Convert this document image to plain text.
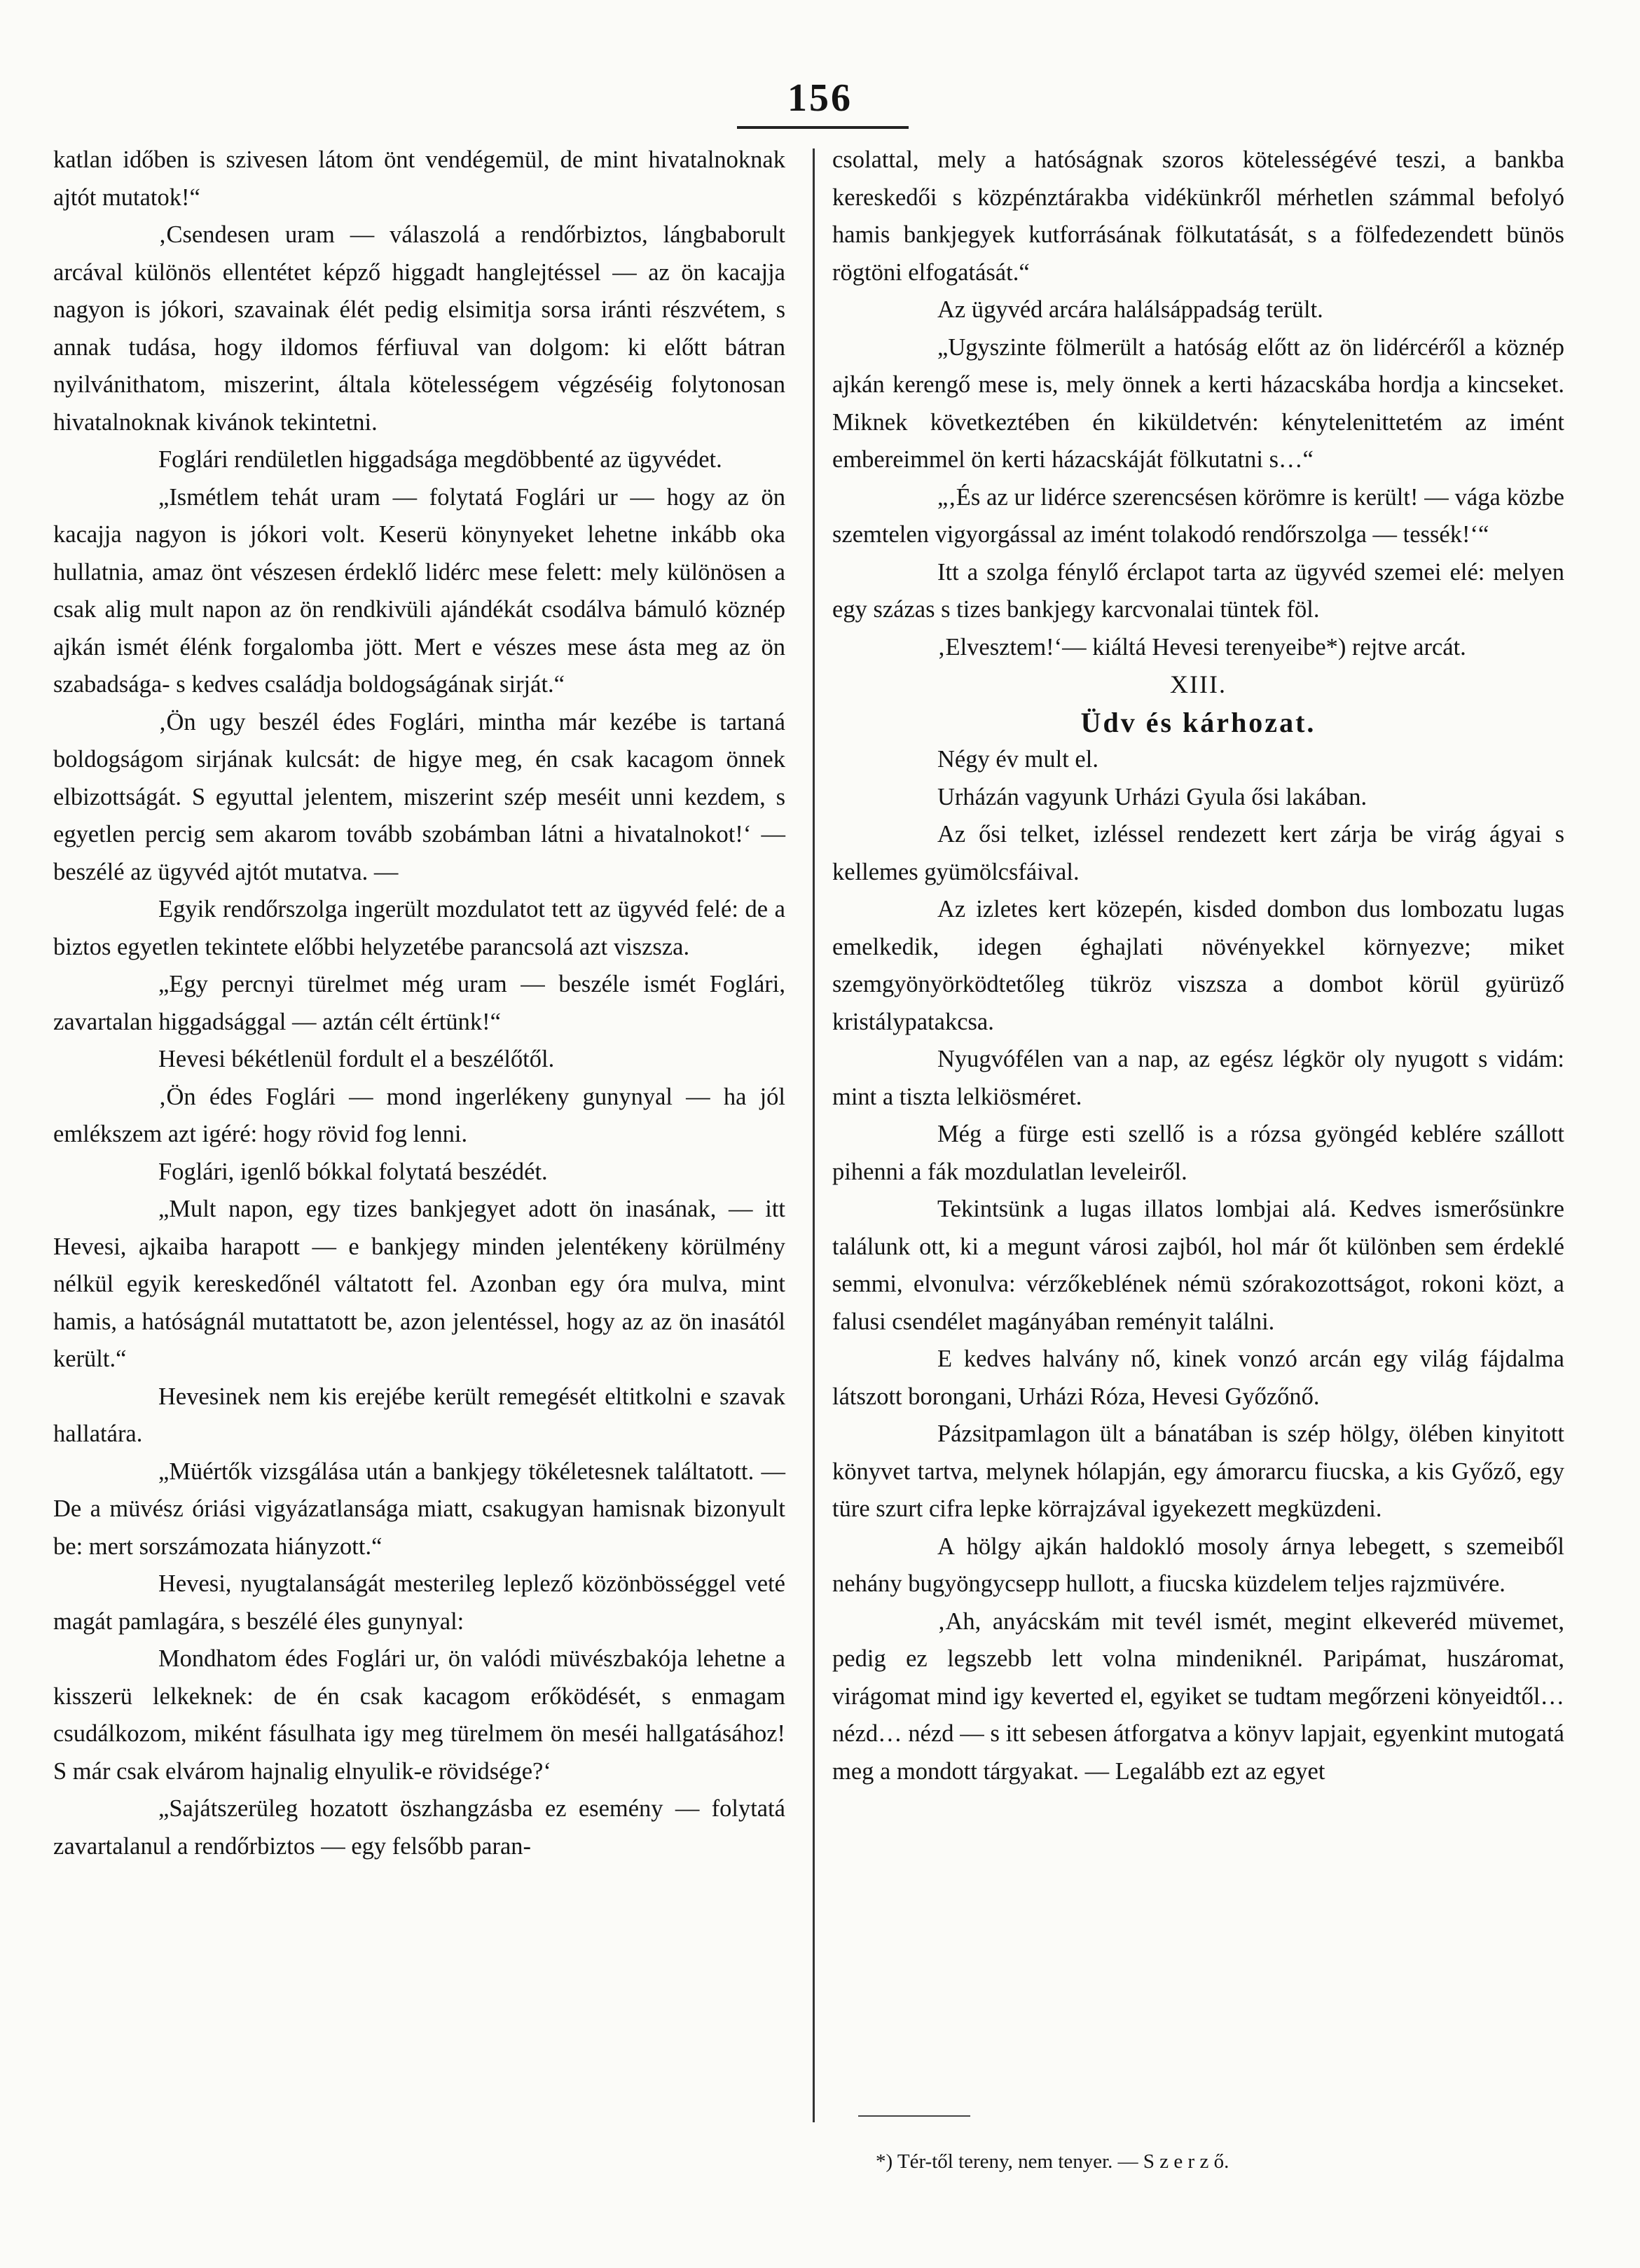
156

katlan időben is szivesen látom önt vendégemül, de mint hivatalnoknak ajtót mutatok!“

‚Csendesen uram — válaszolá a rendőrbiztos, lángbaborult arcával különös ellentétet képző higgadt hanglejtéssel — az ön kacajja nagyon is jókori, szavainak élét pedig elsimitja sorsa iránti részvétem, s annak tudása, hogy ildomos férfiuval van dolgom: ki előtt bátran nyilvánithatom, miszerint, általa kötelességem végzéséig folytonosan hivatalnoknak kivánok tekintetni.

Foglári rendületlen higgadsága megdöbbenté az ügyvédet.

„Ismétlem tehát uram — folytatá Foglári ur — hogy az ön kacajja nagyon is jókori volt. Keserü könynyeket lehetne inkább oka hullatnia, amaz önt vészesen érdeklő lidérc mese felett: mely különösen a csak alig mult napon az ön rendkivüli ajándékát csodálva bámuló köznép ajkán ismét élénk forgalomba jött. Mert e vészes mese ásta meg az ön szabadsága- s kedves családja boldogságának sirját.“

‚Ön ugy beszél édes Foglári, mintha már kezébe is tartaná boldogságom sirjának kulcsát: de higye meg, én csak kacagom önnek elbizottságát. S egyuttal jelentem, miszerint szép meséit unni kezdem, s egyetlen percig sem akarom tovább szobámban látni a hivatalnokot!‘ — beszélé az ügyvéd ajtót mutatva. —

Egyik rendőrszolga ingerült mozdulatot tett az ügyvéd felé: de a biztos egyetlen tekintete előbbi helyzetébe parancsolá azt viszsza.

„Egy percnyi türelmet még uram — beszéle ismét Foglári, zavartalan higgadsággal — aztán célt értünk!“

Hevesi békétlenül fordult el a beszélőtől.

‚Ön édes Foglári — mond ingerlékeny gunynyal — ha jól emlékszem azt igéré: hogy rövid fog lenni.

Foglári, igenlő bókkal folytatá beszédét.

„Mult napon, egy tizes bankjegyet adott ön inasának, — itt Hevesi, ajkaiba harapott — e bankjegy minden jelentékeny körülmény nélkül egyik kereskedőnél váltatott fel. Azonban egy óra mulva, mint hamis, a hatóságnál mutattatott be, azon jelentéssel, hogy az az ön inasától került.“

Hevesinek nem kis erejébe került remegését eltitkolni e szavak hallatára.

„Müértők vizsgálása után a bankjegy tökéletesnek találtatott. — De a müvész óriási vigyázatlansága miatt, csakugyan hamisnak bizonyult be: mert sorszámozata hiányzott.“

Hevesi, nyugtalanságát mesterileg leplező közönbösséggel veté magát pamlagára, s beszélé éles gunynyal:

Mondhatom édes Foglári ur, ön valódi müvészbakója lehetne a kisszerü lelkeknek: de én csak kacagom erőködését, s enmagam csudálkozom, miként fásulhata igy meg türelmem ön meséi hallgatásához! S már csak elvárom hajnalig elnyulik-e rövidsége?‘

„Sajátszerüleg hozatott öszhangzásba ez esemény — folytatá zavartalanul a rendőrbiztos — egy felsőbb paran-

csolattal, mely a hatóságnak szoros kötelességévé teszi, a bankba kereskedői s közpénztárakba vidékünkről mérhetlen számmal befolyó hamis bankjegyek kutforrásának fölkutatását, s a fölfedezendett bünös rögtöni elfogatását.“

Az ügyvéd arcára halálsáppadság terült.

„Ugyszinte fölmerült a hatóság előtt az ön lidércéről a köznép ajkán kerengő mese is, mely önnek a kerti házacskába hordja a kincseket. Miknek következtében én kiküldetvén: kénytelenittetém az imént embereimmel ön kerti házacskáját fölkutatni s…“

„‚És az ur lidérce szerencsésen körömre is került! — vága közbe szemtelen vigyorgással az imént tolakodó rendőrszolga — tessék!‘“

Itt a szolga fénylő érclapot tarta az ügyvéd szemei elé: melyen egy százas s tizes bankjegy karcvonalai tüntek föl.

‚Elvesztem!‘— kiáltá Hevesi terenyeibe*) rejtve arcát.

XIII.

Üdv és kárhozat.

Négy év mult el.

Urházán vagyunk Urházi Gyula ősi lakában.

Az ősi telket, izléssel rendezett kert zárja be virág ágyai s kellemes gyümölcsfáival.

Az izletes kert közepén, kisded dombon dus lombozatu lugas emelkedik, idegen éghajlati növényekkel környezve; miket szemgyönyörködtetőleg tükröz viszsza a dombot körül gyürüző kristálypatakcsa.

Nyugvófélen van a nap, az egész légkör oly nyugott s vidám: mint a tiszta lelkiösméret.

Még a fürge esti szellő is a rózsa gyöngéd keblére szállott pihenni a fák mozdulatlan leveleiről.

Tekintsünk a lugas illatos lombjai alá. Kedves ismerősünkre találunk ott, ki a megunt városi zajból, hol már őt különben sem érdeklé semmi, elvonulva: vérzőkeblének némü szórakozottságot, rokoni közt, a falusi csendélet magányában reményit találni.

E kedves halvány nő, kinek vonzó arcán egy világ fájdalma látszott borongani, Urházi Róza, Hevesi Győzőnő.

Pázsitpamlagon ült a bánatában is szép hölgy, ölében kinyitott könyvet tartva, melynek hólapján, egy ámorarcu fiucska, a kis Győző, egy türe szurt cifra lepke körrajzával igyekezett megküzdeni.

A hölgy ajkán haldokló mosoly árnya lebegett, s szemeiből nehány bugyöngycsepp hullott, a fiucska küzdelem teljes rajzmüvére.

‚Ah, anyácskám mit tevél ismét, megint elkeveréd müvemet, pedig ez legszebb lett volna mindeniknél. Paripámat, huszáromat, virágomat mind igy keverted el, egyiket se tudtam megőrzeni könyeidtől… nézd… nézd — s itt sebesen átforgatva a könyv lapjait, egyenkint mutogatá meg a mondott tárgyakat. — Legalább ezt az egyet

*) Tér-től tereny, nem tenyer. — S z e r z ő.
